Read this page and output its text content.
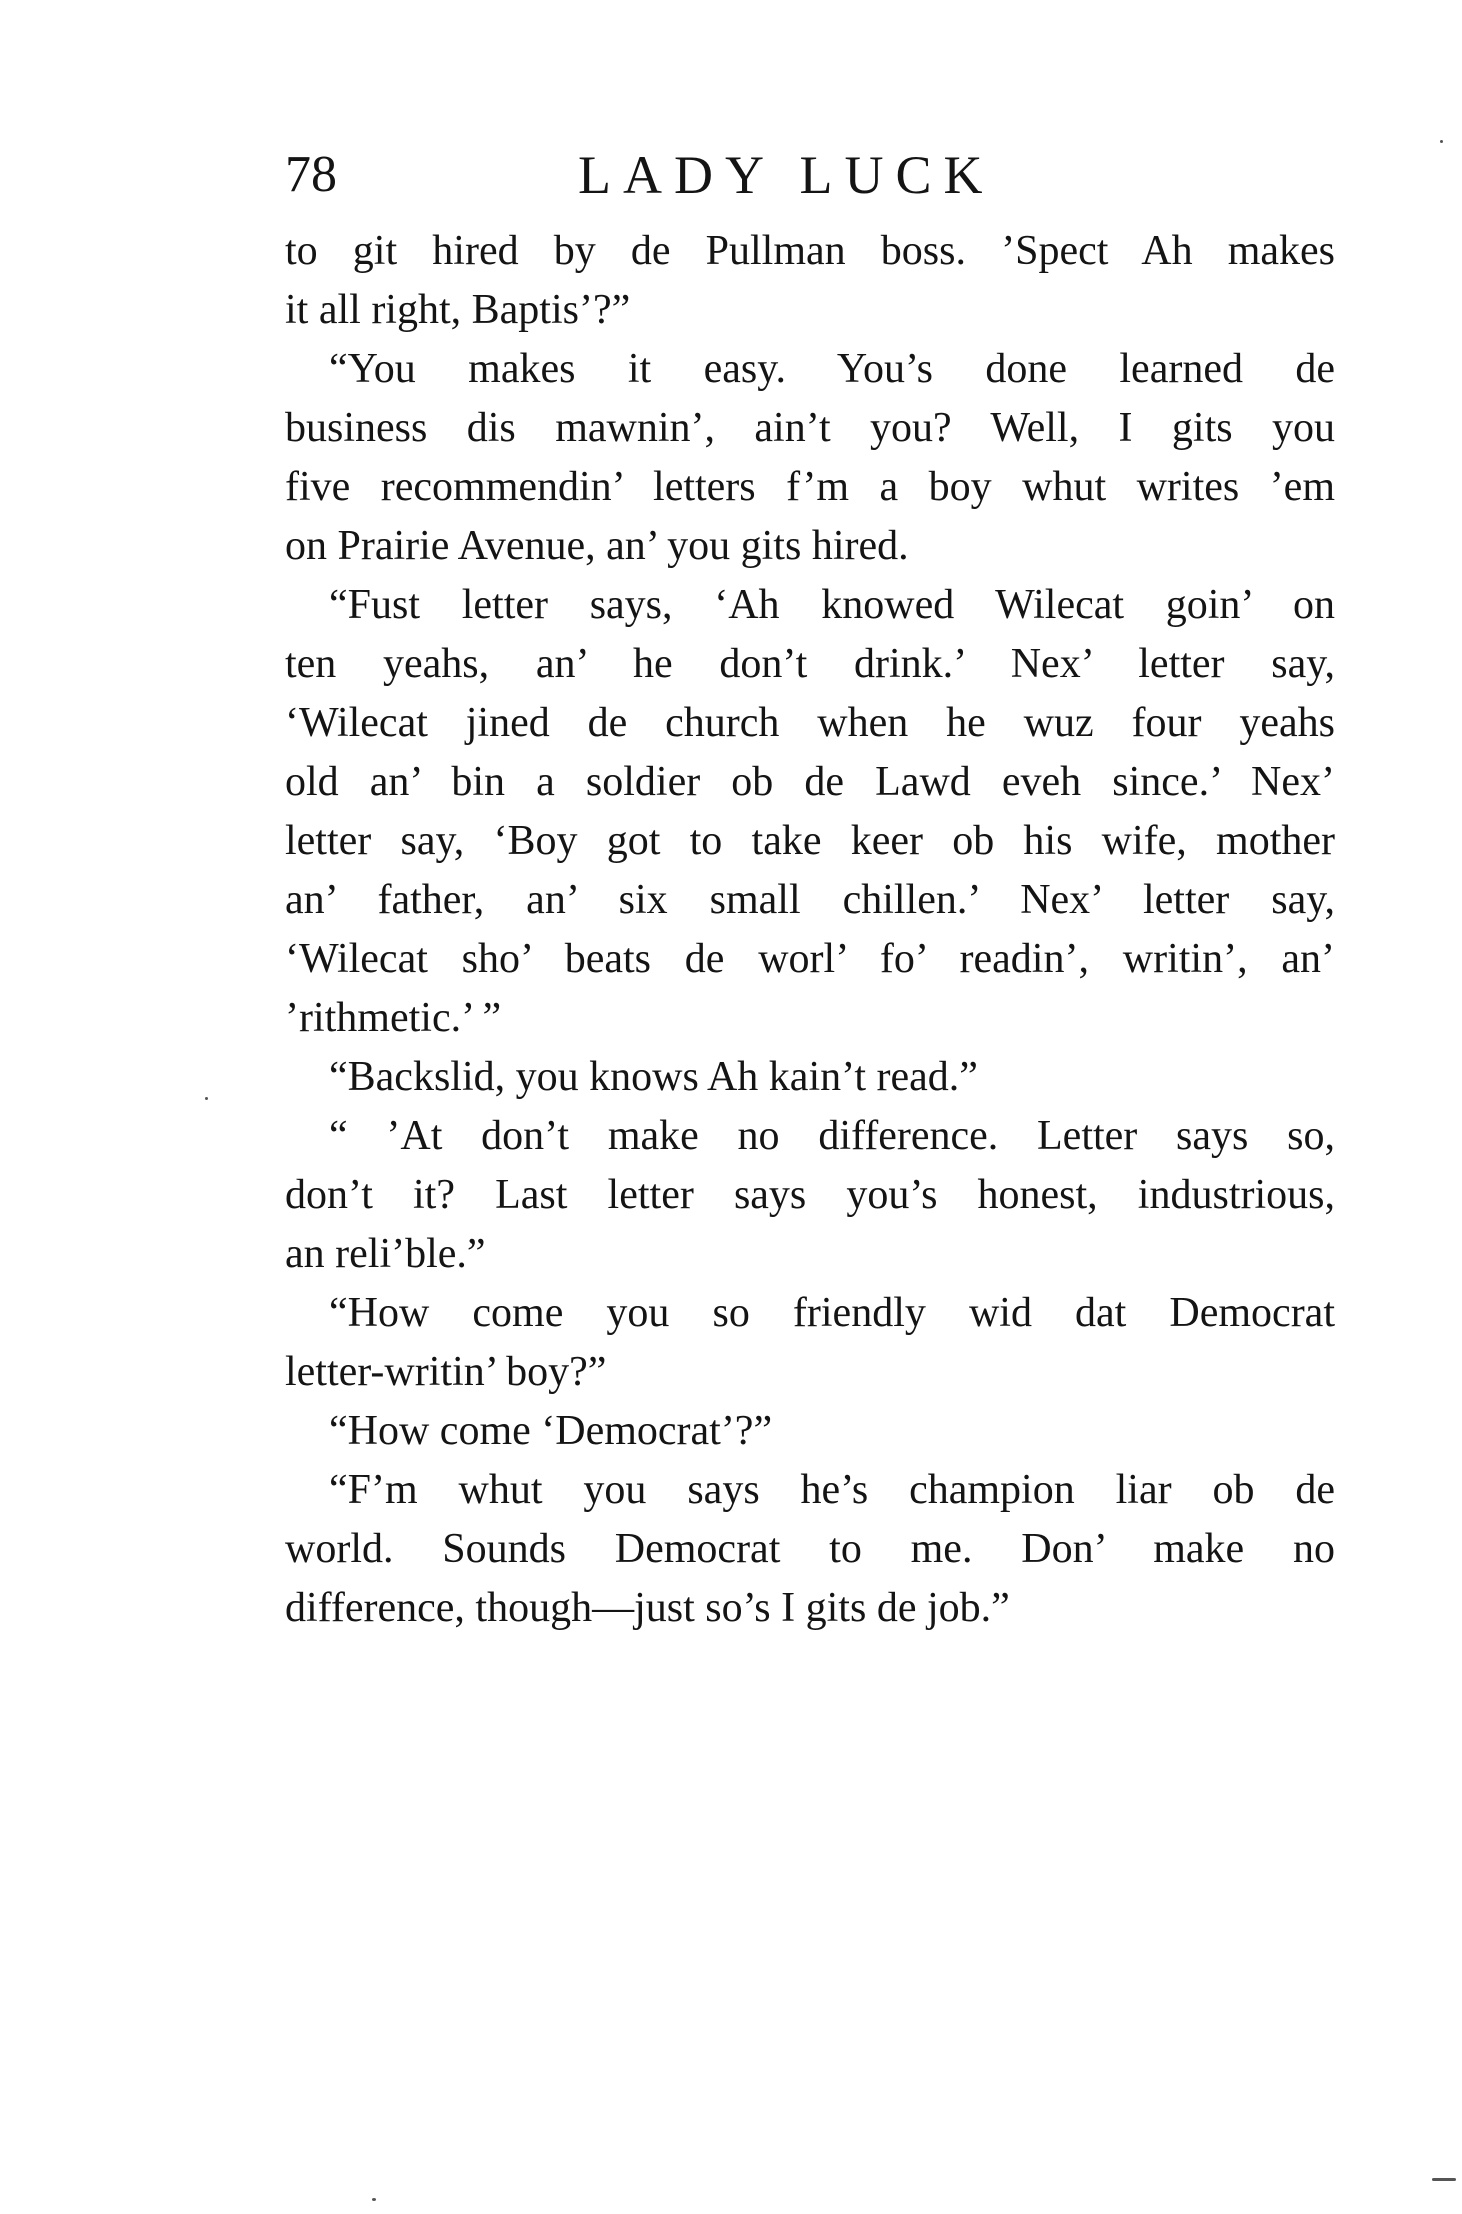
78	LADY LUCK
to git hired by de Pullman boss. ’Spect Ah makes
it all right, Baptis’?”
“You makes it easy. You’s done learned de
business dis mawnin’, ain’t you? Well, I gits you
five recommendin’ letters f’m a boy whut writes ’em
on Prairie Avenue, an’ you gits hired.
“Fust letter says, ‘Ah knowed Wilecat goin’ on
ten yeahs, an’ he don’t drink.’ Nex’ letter say,
‘Wilecat jined de church when he wuz four yeahs
old an’ bin a soldier ob de Lawd eveh since.’ Nex’
letter say, ‘Boy got to take keer ob his wife, mother
an’ father, an’ six small chillen.’ Nex’ letter say,
‘Wilecat sho’ beats de worl’ fo’ readin’, writin’, an’
’rithmetic.’ ”
“Backslid, you knows Ah kain’t read.”
“ ’At don’t make no difference. Letter says so,
don’t it? Last letter says you’s honest, industrious,
an reli’ble.”
“How come you so friendly wid dat Democrat
letter-writin’ boy?”
“How come ‘Democrat’?”
“F’m whut you says he’s champion liar ob de
world. Sounds Democrat to me. Don’ make no
difference, though—just so’s I gits de job.”
